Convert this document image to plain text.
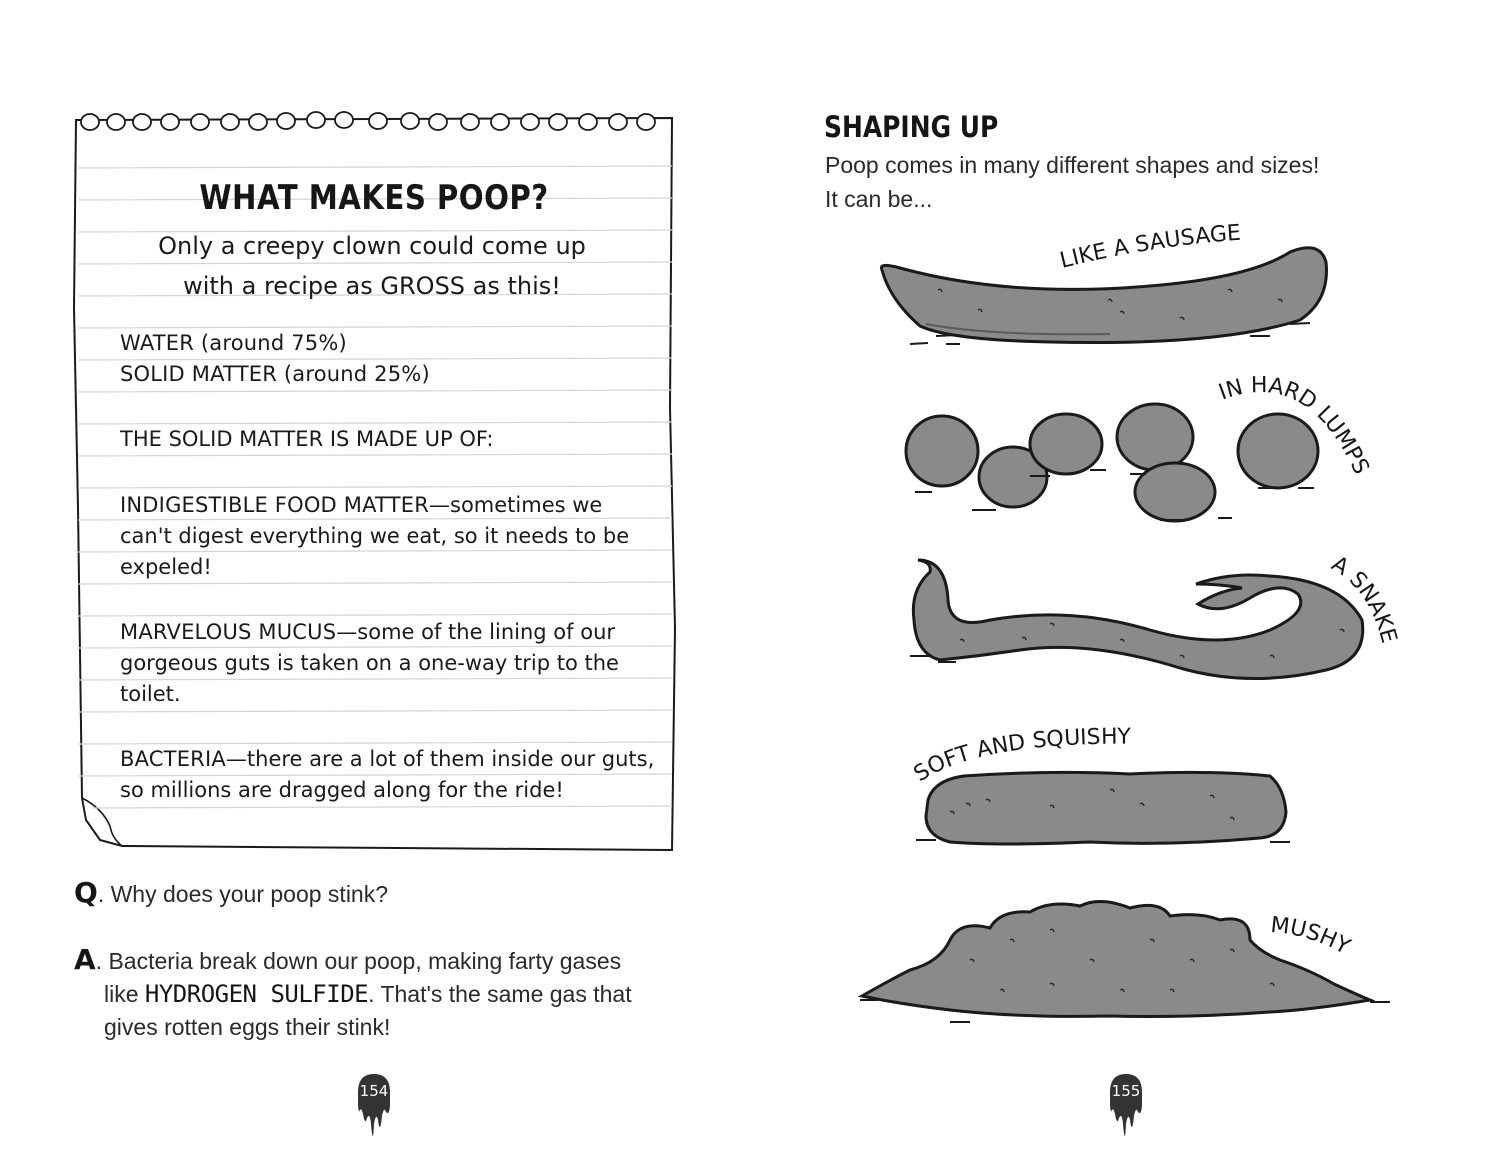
WHAT MAKES POOP?
Only a creepy clown could come up
with a recipe as GROSS as this!
WATER (around 75%)
SOLID MATTER (around 25%)
THE SOLID MATTER IS MADE UP OF:
INDIGESTIBLE FOOD MATTER—sometimes we can't digest everything we eat, so it needs to be expeled!
MARVELOUS MUCUS—some of the lining of our gorgeous guts is taken on a one-way trip to the toilet.
BACTERIA—there are a lot of them inside our guts, so millions are dragged along for the ride!
Q. Why does your poop stink?
A. Bacteria break down our poop, making farty gases
like HYDROGEN SULFIDE. That's the same gas that
gives rotten eggs their stink!
154
SHAPING UP
Poop comes in many different shapes and sizes!
It can be...
LIKE A SAUSAGE
IN HARD LUMPS
A SNAKE
SOFT AND SQUISHY
MUSHY
155
